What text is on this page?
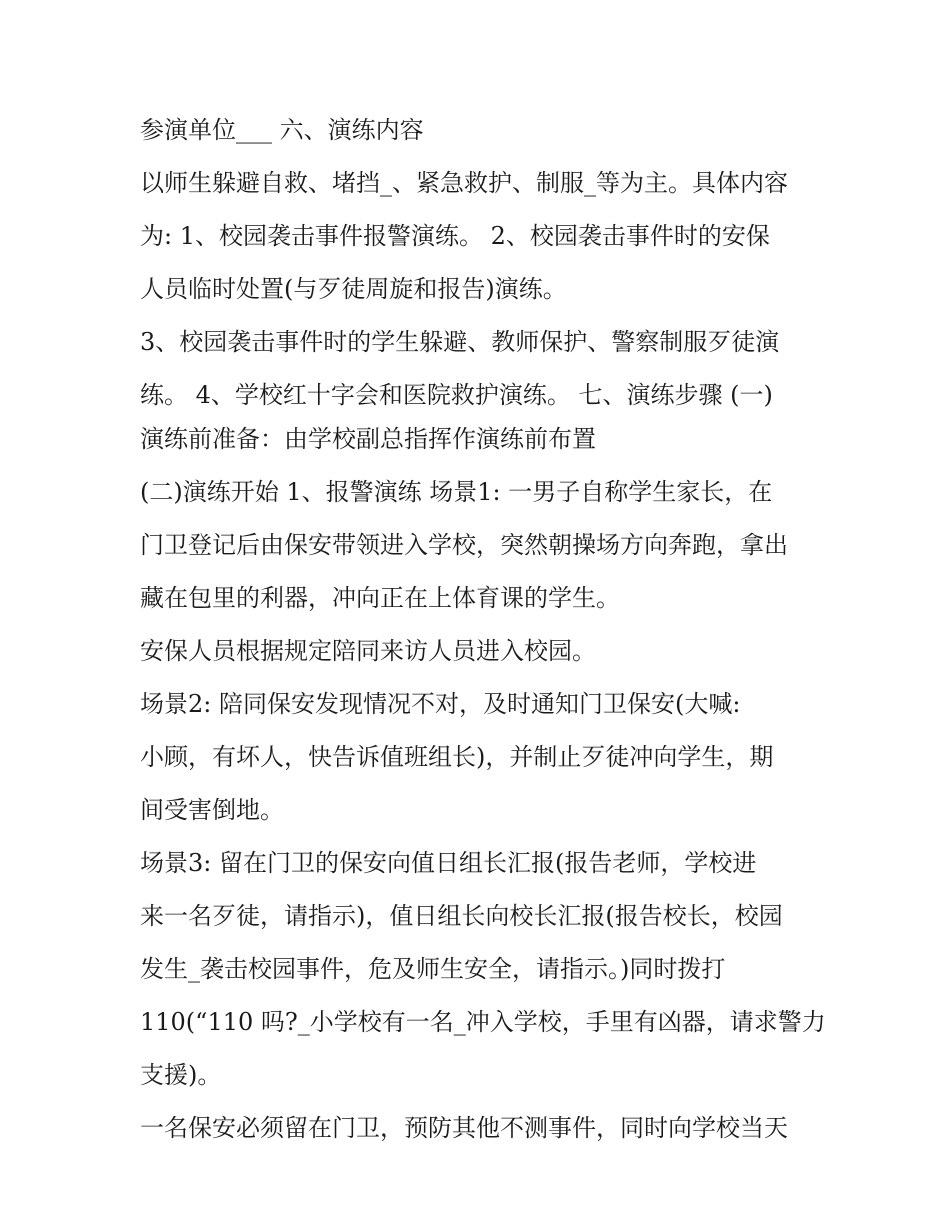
参演单位___ 六、演练内容

以师生躲避自救、堵挡_、紧急救护、制服_等为主。具体内容

为: 1、校园袭击事件报警演练。 2、校园袭击事件时的安保

人员临时处置(与歹徒周旋和报告)演练。

3、校园袭击事件时的学生躲避、教师保护、警察制服歹徒演

练。 4、学校红十字会和医院救护演练。 七、演练步骤 (一)

演练前准备：由学校副总指挥作演练前布置

(二)演练开始 1、报警演练 场景1: 一男子自称学生家长，在

门卫登记后由保安带领进入学校，突然朝操场方向奔跑，拿出

藏在包里的利器，冲向正在上体育课的学生。

安保人员根据规定陪同来访人员进入校园。

场景2: 陪同保安发现情况不对，及时通知门卫保安(大喊:

小顾，有坏人，快告诉值班组长)，并制止歹徒冲向学生，期

间受害倒地。

场景3: 留在门卫的保安向值日组长汇报(报告老师，学校进

来一名歹徒，请指示)，值日组长向校长汇报(报告校长，校园

发生_袭击校园事件，危及师生安全，请指示。)同时拨打

110(“110 吗?_小学校有一名_冲入学校，手里有凶器，请求警力

支援)。

一名保安必须留在门卫，预防其他不测事件，同时向学校当天
